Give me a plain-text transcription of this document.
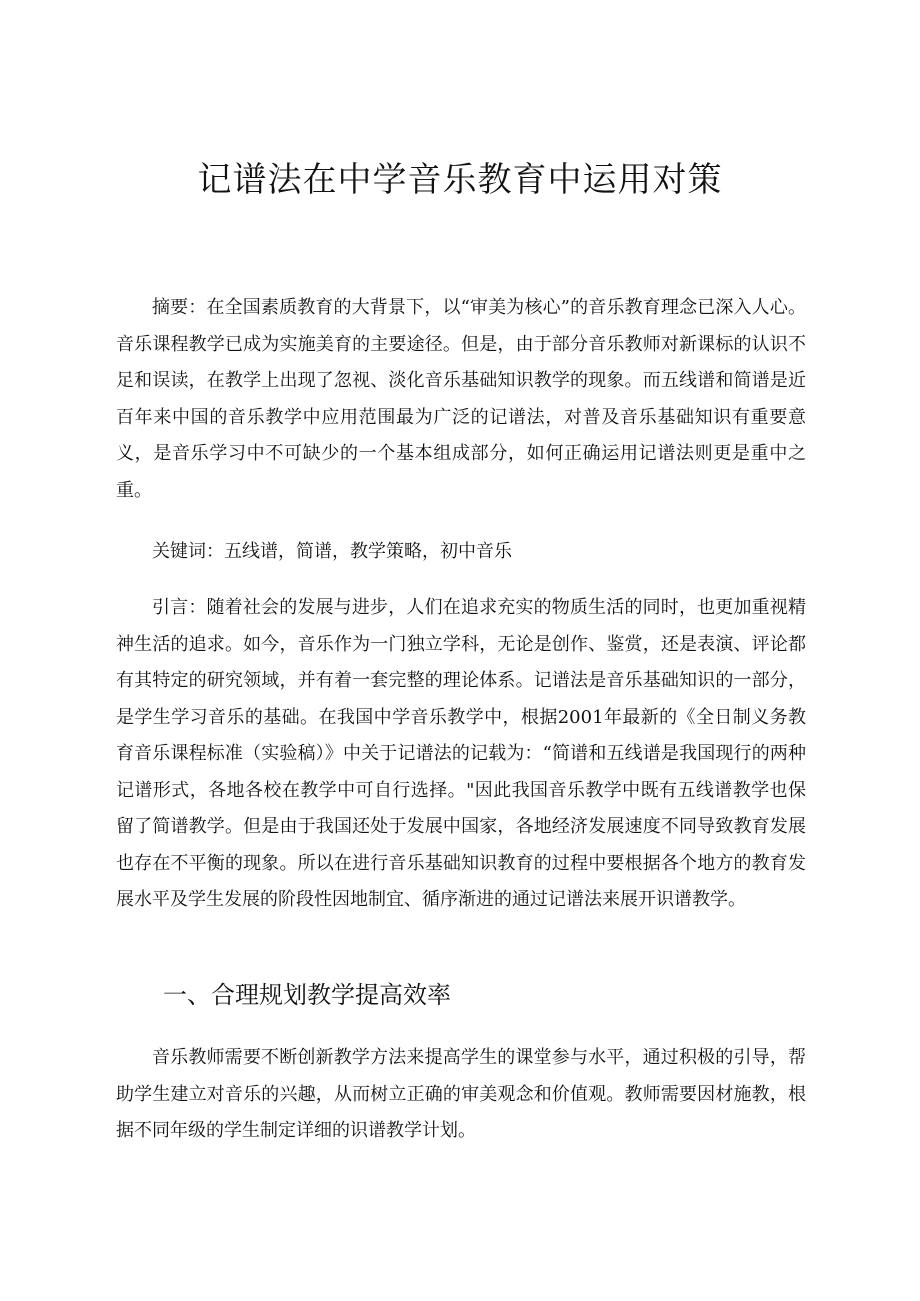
记谱法在中学音乐教育中运用对策

摘要：在全国素质教育的大背景下，以“审美为核心”的音乐教育理念已深入人心。音乐课程教学已成为实施美育的主要途径。但是，由于部分音乐教师对新课标的认识不足和误读，在教学上出现了忽视、淡化音乐基础知识教学的现象。而五线谱和简谱是近百年来中国的音乐教学中应用范围最为广泛的记谱法，对普及音乐基础知识有重要意义，是音乐学习中不可缺少的一个基本组成部分，如何正确运用记谱法则更是重中之重。

关键词：五线谱，简谱，教学策略，初中音乐

引言：随着社会的发展与进步，人们在追求充实的物质生活的同时，也更加重视精神生活的追求。如今，音乐作为一门独立学科，无论是创作、鉴赏，还是表演、评论都有其特定的研究领域，并有着一套完整的理论体系。记谱法是音乐基础知识的一部分，是学生学习音乐的基础。在我国中学音乐教学中，根据2001年最新的《全日制义务教育音乐课程标准（实验稿）》中关于记谱法的记载为：“简谱和五线谱是我国现行的两种记谱形式，各地各校在教学中可自行选择。"因此我国音乐教学中既有五线谱教学也保留了简谱教学。但是由于我国还处于发展中国家，各地经济发展速度不同导致教育发展也存在不平衡的现象。所以在进行音乐基础知识教育的过程中要根据各个地方的教育发展水平及学生发展的阶段性因地制宜、循序渐进的通过记谱法来展开识谱教学。

一、合理规划教学提高效率

音乐教师需要不断创新教学方法来提高学生的课堂参与水平，通过积极的引导，帮助学生建立对音乐的兴趣，从而树立正确的审美观念和价值观。教师需要因材施教，根据不同年级的学生制定详细的识谱教学计划。
